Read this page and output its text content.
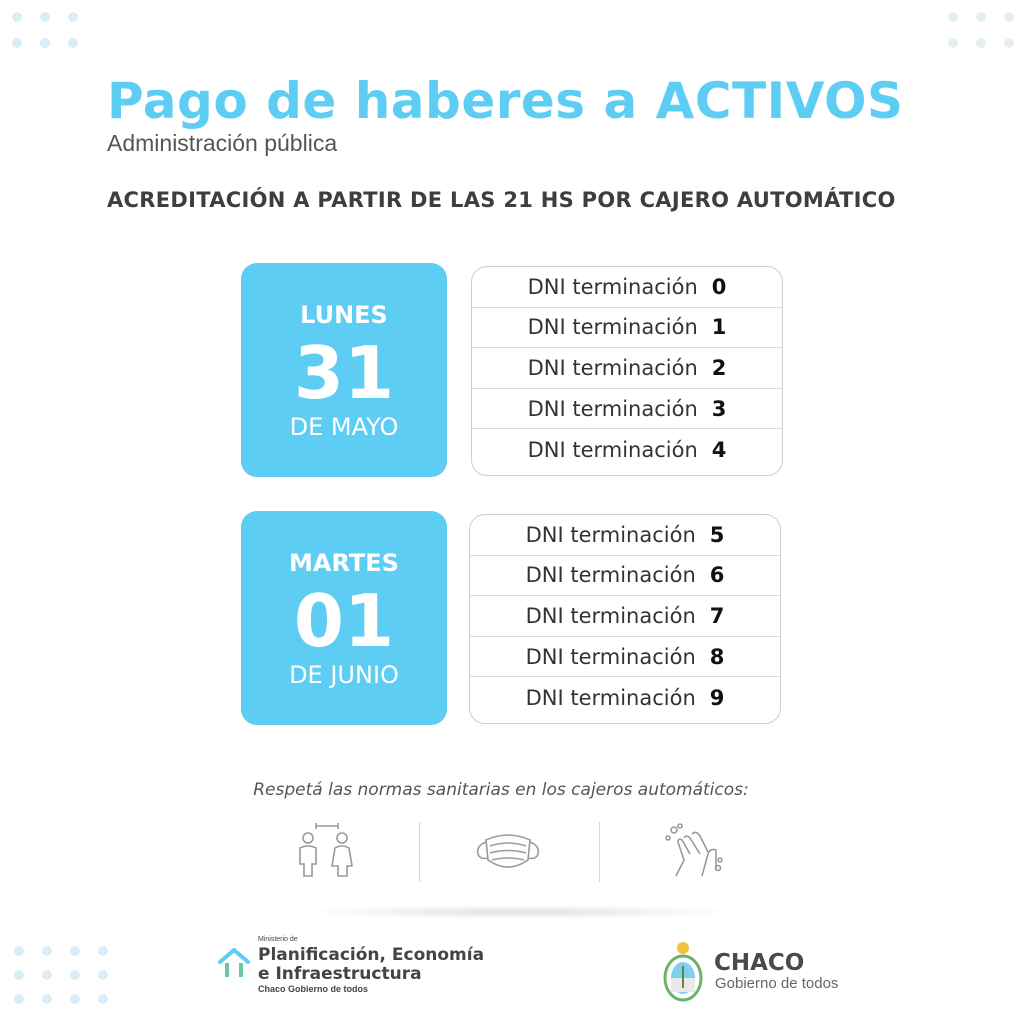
Pago de haberes a ACTIVOS
Administración pública
ACREDITACIÓN A PARTIR DE LAS 21 HS POR CAJERO AUTOMÁTICO
LUNES
31
DE MAYO
DNI terminación 0
DNI terminación 1
DNI terminación 2
DNI terminación 3
DNI terminación 4
MARTES
01
DE JUNIO
DNI terminación 5
DNI terminación 6
DNI terminación 7
DNI terminación 8
DNI terminación 9
Respetá las normas sanitarias en los cajeros automáticos:
Ministerio de
Planificación, Economía
e Infraestructura
Chaco Gobierno de todos
CHACO
Gobierno de todos
